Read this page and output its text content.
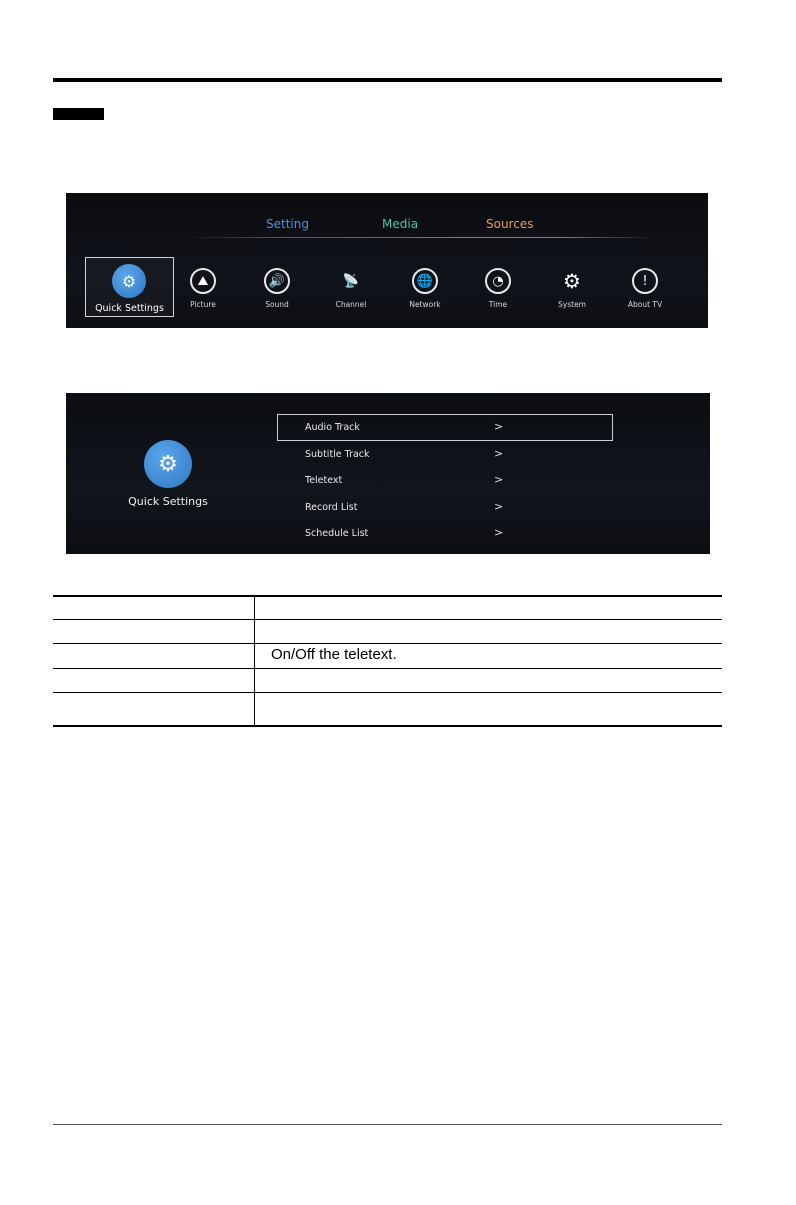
Setting	Media	Sources
⚙
Quick Settings
⛰
Picture
🔊
Sound
📡
Channel
🌐
Network
◔
Time
⚙
System
!
About TV
⚙
Quick Settings
Audio Track	>
Subtitle Track	>
Teletext	>
Record List	>
Schedule List	>
On/Off the teletext.
